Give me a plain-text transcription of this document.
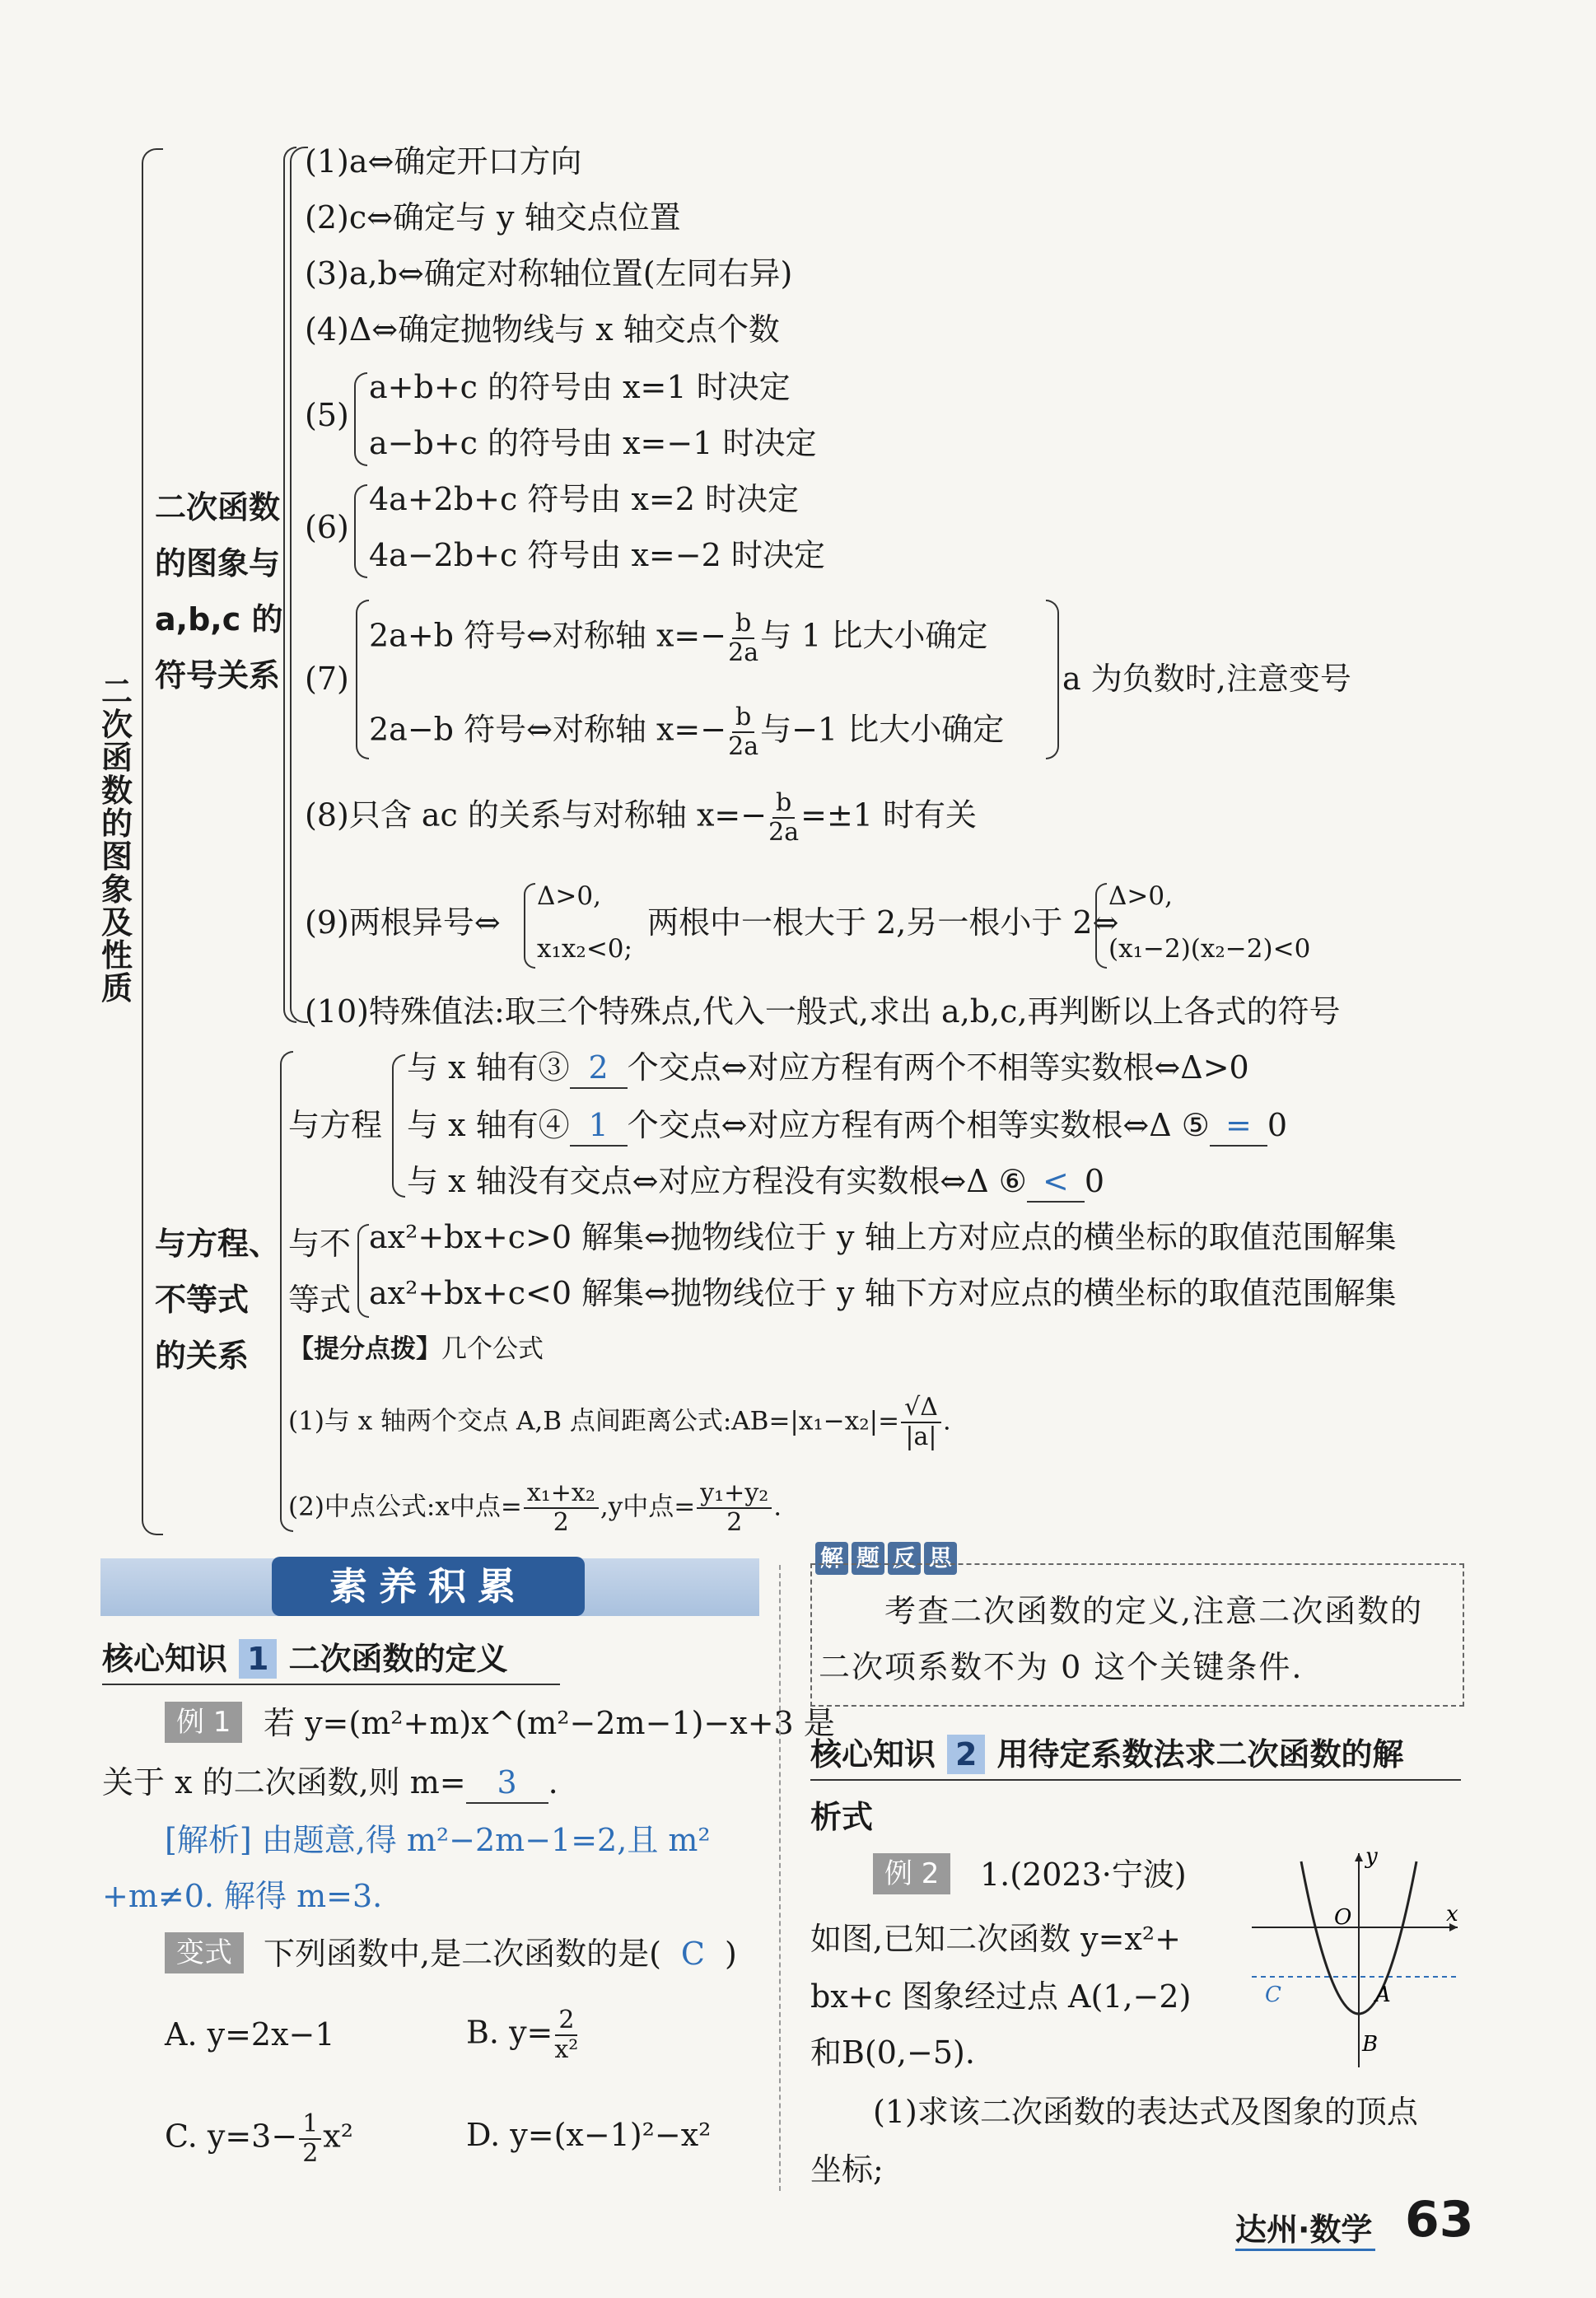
二次函数的图象及性质
二次函数
的图象与
a,b,c 的
符号关系
(1)a⇔确定开口方向
(2)c⇔确定与 y 轴交点位置
(3)a,b⇔确定对称轴位置(左同右异)
(4)Δ⇔确定抛物线与 x 轴交点个数
(5)
a+b+c 的符号由 x=1 时决定
a−b+c 的符号由 x=−1 时决定
(6)
4a+2b+c 符号由 x=2 时决定
4a−2b+c 符号由 x=−2 时决定
(7)
2a+b 符号⇔对称轴 $x=- \frac{b}{2a}$ 与 1 比大小确定
2a−b 符号⇔对称轴 $x=- \frac{b}{2a}$ 与−1 比大小确定
a 为负数时,注意变号
(8)只含 ac 的关系与对称轴 $x=- \frac{b}{2a} =\pm 1$ 时有关
(9)两根异号⇔
Δ>0,
x₁x₂<0;
两根中一根大于 2,另一根小于 2⇔
Δ>0,
(x₁−2)(x₂−2)<0
(10)特殊值法:取三个特殊点,代入一般式,求出 a,b,c,再判断以上各式的符号
与方程、
不等式
的关系
与方程
与 x 轴有③ 2 个交点⇔对应方程有两个不相等实数根⇔Δ>0
与 x 轴有④ 1 个交点⇔对应方程有两个相等实数根⇔Δ ⑤ = 0
与 x 轴没有交点⇔对应方程没有实数根⇔Δ ⑥ < 0
与不
等式
ax²+bx+c>0 解集⇔抛物线位于 y 轴上方对应点的横坐标的取值范围解集
ax²+bx+c<0 解集⇔抛物线位于 y 轴下方对应点的横坐标的取值范围解集
【提分点拨】几个公式
(1)与 x 轴两个交点 A,B 点间距离公式:AB=|x₁−x₂|= $\frac{√\Delta}{|a|}$ .
(2)中点公式:x中点= $\frac{\text{x₁+x₂}}{2} ,y$中点= $\frac{\text{y₁+y₂}}{2}$ .
素养积累
核心知识 1 二次函数的定义
例 1	若 y=(m²+m)x^(m²−2m−1)−x+3 是
关于 x 的二次函数,则 m= 3 .
[解析] 由题意,得 m²−2m−1=2,且 m²
+m≠0. 解得 m=3.
变式	下列函数中,是二次函数的是( C )
A. y=2x−1	B. $y= \frac{2}{\text{x²}}$
C. $y=3- \frac{1}{2} x^2$	D. y=(x−1)²−x²
解 题 反 思
考查二次函数的定义,注意二次函数的
二次项系数不为 0 这个关键条件.
核心知识 2 用待定系数法求二次函数的解
析式
例 2	1.(2023·宁波)
如图,已知二次函数 y=x²+
bx+c 图象经过点 A(1,−2)
和B(0,−5).
(1)求该二次函数的表达式及图象的顶点
坐标;
y
x
O
A
B
C
达州·数学 63
